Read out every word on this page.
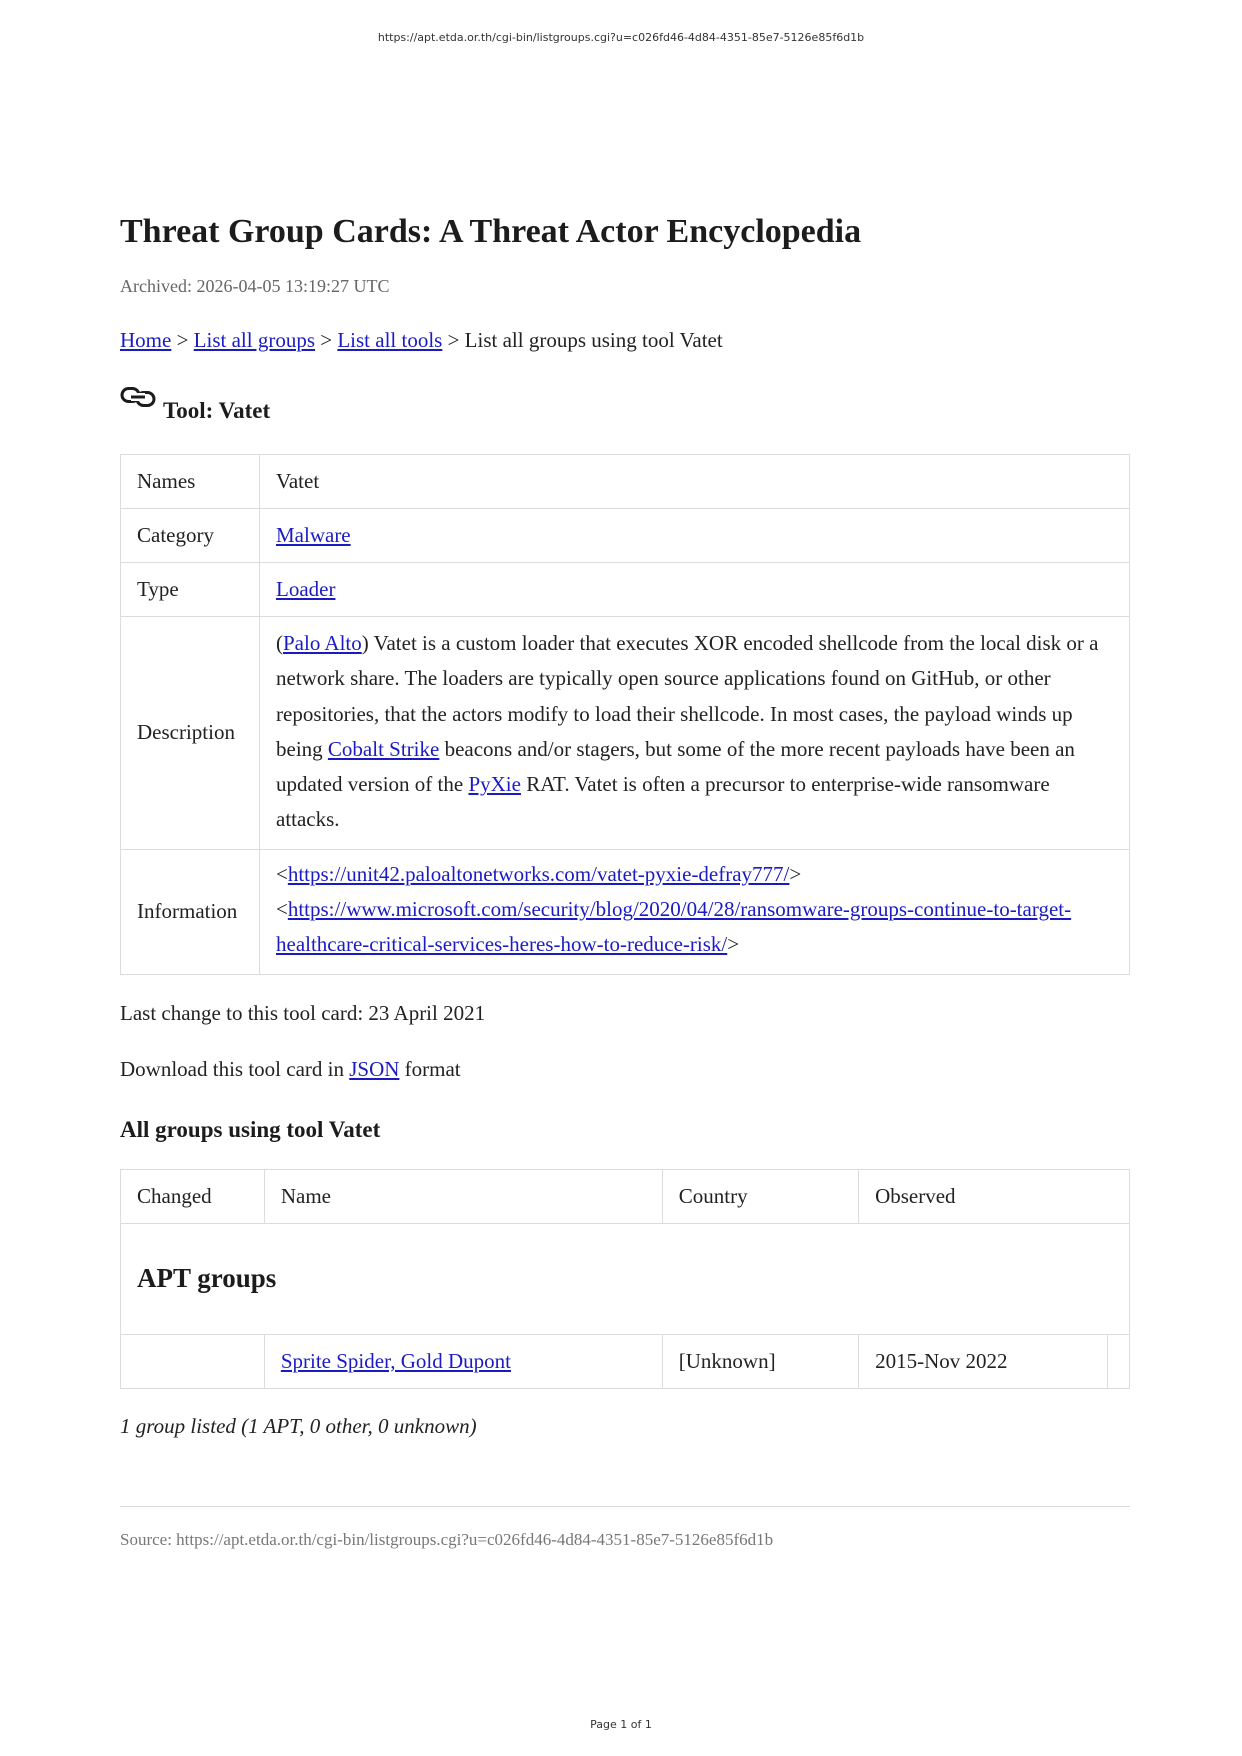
https://apt.etda.or.th/cgi-bin/listgroups.cgi?u=c026fd46-4d84-4351-85e7-5126e85f6d1b
Threat Group Cards: A Threat Actor Encyclopedia
Archived: 2026-04-05 13:19:27 UTC
Home > List all groups > List all tools > List all groups using tool Vatet
Tool: Vatet
Names	Vatet
Category	Malware
Type	Loader
Description	(Palo Alto) Vatet is a custom loader that executes XOR encoded shellcode from the local disk or a network share. The loaders are typically open source applications found on GitHub, or other repositories, that the actors modify to load their shellcode. In most cases, the payload winds up being Cobalt Strike beacons and/or stagers, but some of the more recent payloads have been an updated version of the PyXie RAT. Vatet is often a precursor to enterprise-wide ransomware attacks.
Information	<https://unit42.paloaltonetworks.com/vatet-pyxie-defray777/>
<https://www.microsoft.com/security/blog/2020/04/28/ransomware-groups-continue-to-target-healthcare-critical-services-heres-how-to-reduce-risk/>
Last change to this tool card: 23 April 2021
Download this tool card in JSON format
All groups using tool Vatet
Changed	Name	Country	Observed	
APT groups				
	Sprite Spider, Gold Dupont	[Unknown]	2015-Nov 2022	
1 group listed (1 APT, 0 other, 0 unknown)
Source: https://apt.etda.or.th/cgi-bin/listgroups.cgi?u=c026fd46-4d84-4351-85e7-5126e85f6d1b
Page 1 of 1
